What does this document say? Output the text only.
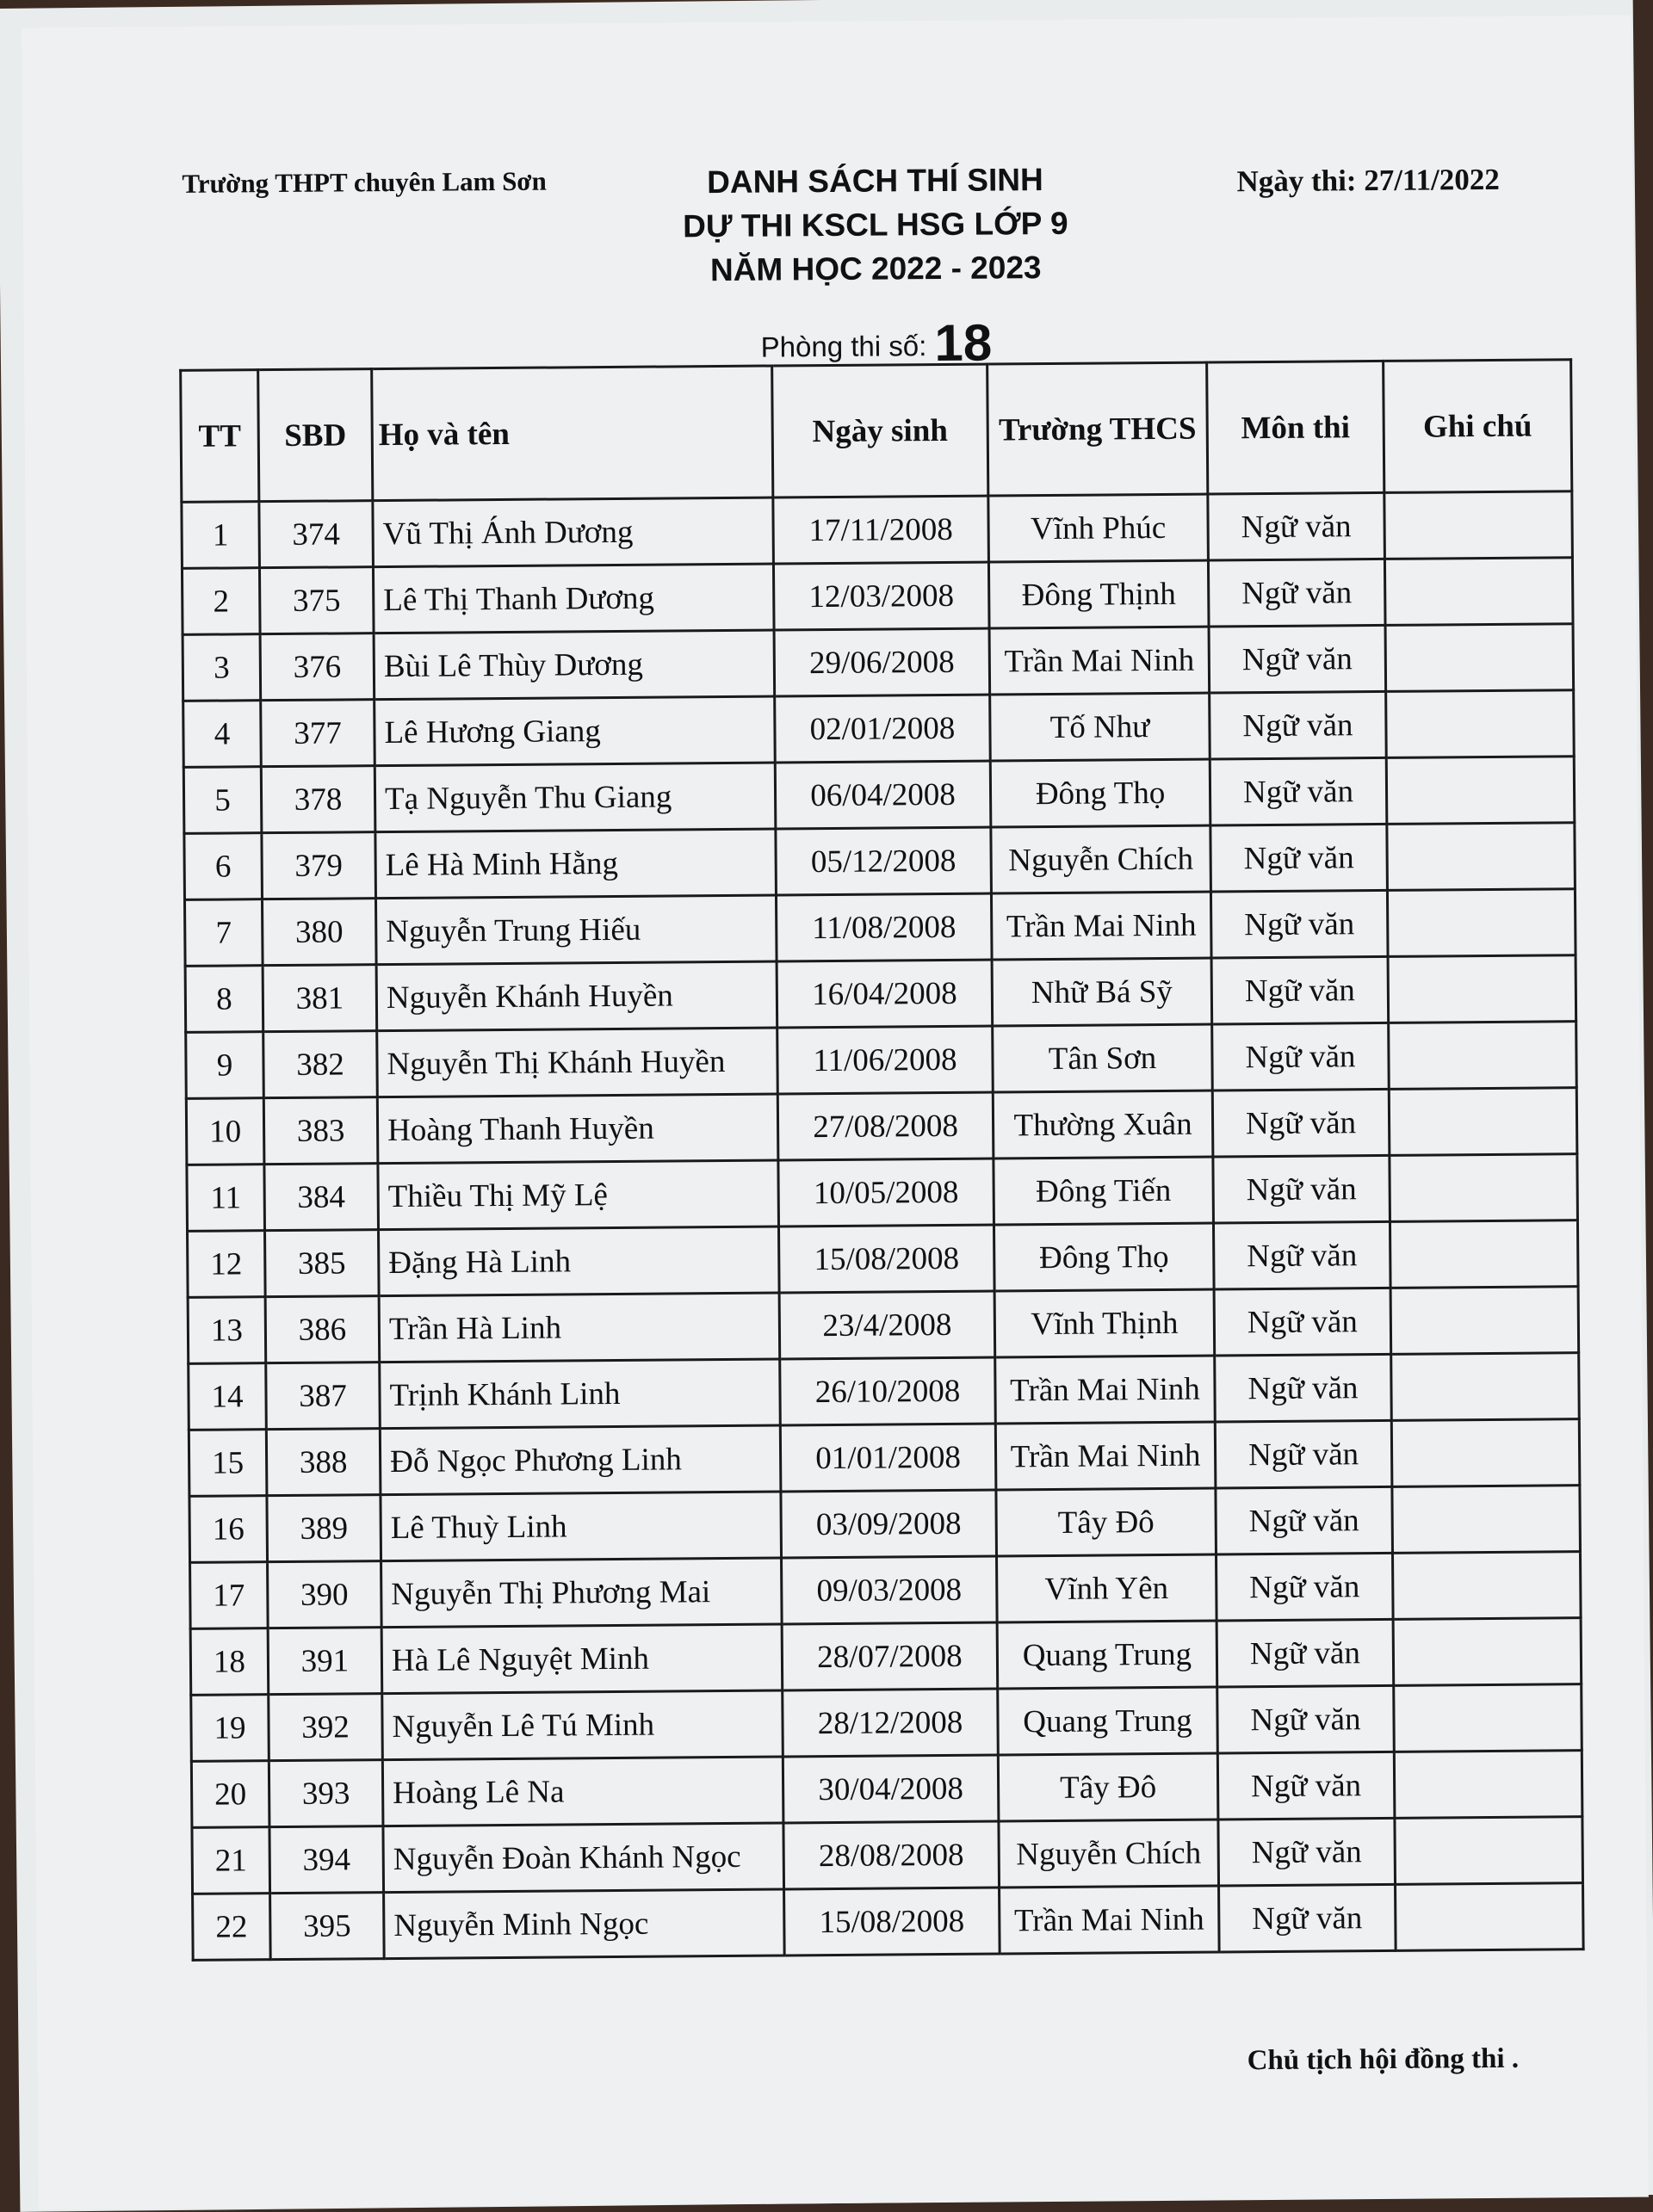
Trường THPT chuyên Lam Sơn	DANH SÁCH THÍ SINH
DỰ THI KSCL HSG LỚP 9
NĂM HỌC 2022 - 2023
Phòng thi số: 18
Ngày thi: 27/11/2022
TT	SBD	Họ và tên	Ngày sinh	Trường THCS	Môn thi	Ghi chú
1	374	Vũ Thị Ánh Dương	17/11/2008	Vĩnh Phúc	Ngữ văn	
2	375	Lê Thị Thanh Dương	12/03/2008	Đông Thịnh	Ngữ văn	
3	376	Bùi Lê Thùy Dương	29/06/2008	Trần Mai Ninh	Ngữ văn	
4	377	Lê Hương Giang	02/01/2008	Tố Như	Ngữ văn	
5	378	Tạ Nguyễn Thu Giang	06/04/2008	Đông Thọ	Ngữ văn	
6	379	Lê Hà Minh Hằng	05/12/2008	Nguyễn Chích	Ngữ văn	
7	380	Nguyễn Trung Hiếu	11/08/2008	Trần Mai Ninh	Ngữ văn	
8	381	Nguyễn Khánh Huyền	16/04/2008	Nhữ Bá Sỹ	Ngữ văn	
9	382	Nguyễn Thị Khánh Huyền	11/06/2008	Tân Sơn	Ngữ văn	
10	383	Hoàng Thanh Huyền	27/08/2008	Thường Xuân	Ngữ văn	
11	384	Thiều Thị Mỹ Lệ	10/05/2008	Đông Tiến	Ngữ văn	
12	385	Đặng Hà Linh	15/08/2008	Đông Thọ	Ngữ văn	
13	386	Trần Hà Linh	23/4/2008	Vĩnh Thịnh	Ngữ văn	
14	387	Trịnh Khánh Linh	26/10/2008	Trần Mai Ninh	Ngữ văn	
15	388	Đỗ Ngọc Phương Linh	01/01/2008	Trần Mai Ninh	Ngữ văn	
16	389	Lê Thuỳ Linh	03/09/2008	Tây Đô	Ngữ văn	
17	390	Nguyễn Thị Phương Mai	09/03/2008	Vĩnh Yên	Ngữ văn	
18	391	Hà Lê Nguyệt Minh	28/07/2008	Quang Trung	Ngữ văn	
19	392	Nguyễn Lê Tú Minh	28/12/2008	Quang Trung	Ngữ văn	
20	393	Hoàng Lê Na	30/04/2008	Tây Đô	Ngữ văn	
21	394	Nguyễn Đoàn Khánh Ngọc	28/08/2008	Nguyễn Chích	Ngữ văn	
22	395	Nguyễn Minh Ngọc	15/08/2008	Trần Mai Ninh	Ngữ văn	
Chủ tịch hội đồng thi .
